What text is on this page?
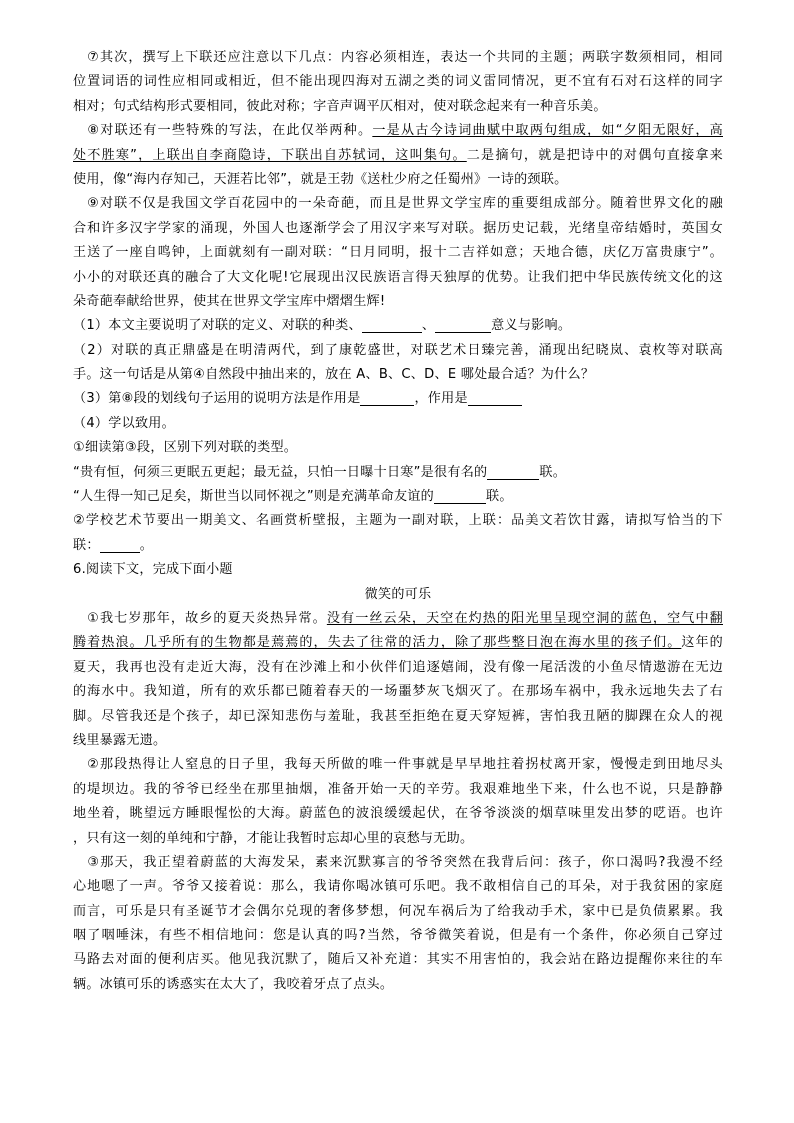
　⑦其次，撰写上下联还应注意以下几点：内容必须相连，表达一个共同的主题；两联字数须相同，相同
位置词语的词性应相同或相近，但不能出现四海对五湖之类的词义雷同情况，更不宜有石对石这样的同字
相对；句式结构形式要相同，彼此对称；字音声调平仄相对，使对联念起来有一种音乐美。
　⑧对联还有一些特殊的写法，在此仅举两种。一是从古今诗词曲赋中取两句组成，如“夕阳无限好，高
处不胜寒”，上联出自李商隐诗，下联出自苏轼词，这叫集句。二是摘句，就是把诗中的对偶句直接拿来
使用，像“海内存知己，天涯若比邻”，就是王勃《送杜少府之任蜀州》一诗的颈联。
　⑨对联不仅是我国文学百花园中的一朵奇葩，而且是世界文学宝库的重要组成部分。随着世界文化的融
合和许多汉字学家的涌现，外国人也逐渐学会了用汉字来写对联。据历史记载，光绪皇帝结婚时，英国女
王送了一座自鸣钟，上面就刻有一副对联：“日月同明，报十二吉祥如意；天地合德，庆亿万富贵康宁”。
小小的对联还真的融合了大文化呢!它展现出汉民族语言得天独厚的优势。让我们把中华民族传统文化的这
朵奇葩奉献给世界，使其在世界文学宝库中熠熠生辉!
（1）本文主要说明了对联的定义、对联的种类、	、	意义与影响。
（2）对联的真正鼎盛是在明清两代，到了康乾盛世，对联艺术日臻完善，涌现出纪晓岚、袁枚等对联高
手。这一句话是从第④自然段中抽出来的，放在 A、B、C、D、E 哪处最合适？为什么？
（3）第⑧段的划线句子运用的说明方法是作用是	，作用是
（4）学以致用。
①细读第③段，区别下列对联的类型。
“贵有恒，何须三更眠五更起；最无益，只怕一日曝十日寒”是很有名的	联。
“人生得一知己足矣，斯世当以同怀视之”则是充满革命友谊的	联。
②学校艺术节要出一期美文、名画赏析壁报，主题为一副对联，上联：品美文若饮甘露，请拟写恰当的下
联：	。
6.阅读下文，完成下面小题
微笑的可乐
　①我七岁那年，故乡的夏天炎热异常。没有一丝云朵，天空在灼热的阳光里呈现空洞的蓝色，空气中翻
腾着热浪。几乎所有的生物都是蔫蔫的，失去了往常的活力，除了那些整日泡在海水里的孩子们。这年的
夏天，我再也没有走近大海，没有在沙滩上和小伙伴们追逐嬉闹，没有像一尾活泼的小鱼尽情遨游在无边
的海水中。我知道，所有的欢乐都已随着春天的一场噩梦灰飞烟灭了。在那场车祸中，我永远地失去了右
脚。尽管我还是个孩子，却已深知悲伤与羞耻，我甚至拒绝在夏天穿短裤，害怕我丑陋的脚踝在众人的视
线里暴露无遗。
　②那段热得让人窒息的日子里，我每天所做的唯一件事就是早早地拄着拐杖离开家，慢慢走到田地尽头
的堤坝边。我的爷爷已经坐在那里抽烟，准备开始一天的辛劳。我艰难地坐下来，什么也不说，只是静静
地坐着，眺望远方睡眼惺忪的大海。蔚蓝色的波浪缓缓起伏，在爷爷淡淡的烟草味里发出梦的呓语。也许
，只有这一刻的单纯和宁静，才能让我暂时忘却心里的哀愁与无助。
　③那天，我正望着蔚蓝的大海发呆，素来沉默寡言的爷爷突然在我背后问：孩子，你口渴吗?我漫不经
心地嗯了一声。爷爷又接着说：那么，我请你喝冰镇可乐吧。我不敢相信自己的耳朵，对于我贫困的家庭
而言，可乐是只有圣诞节才会偶尔兑现的奢侈梦想，何况车祸后为了给我动手术，家中已是负债累累。我
咽了咽唾沫，有些不相信地问：您是认真的吗?当然，爷爷微笑着说，但是有一个条件，你必须自己穿过
马路去对面的便利店买。他见我沉默了，随后又补充道：其实不用害怕的，我会站在路边提醒你来往的车
辆。冰镇可乐的诱惑实在太大了，我咬着牙点了点头。
